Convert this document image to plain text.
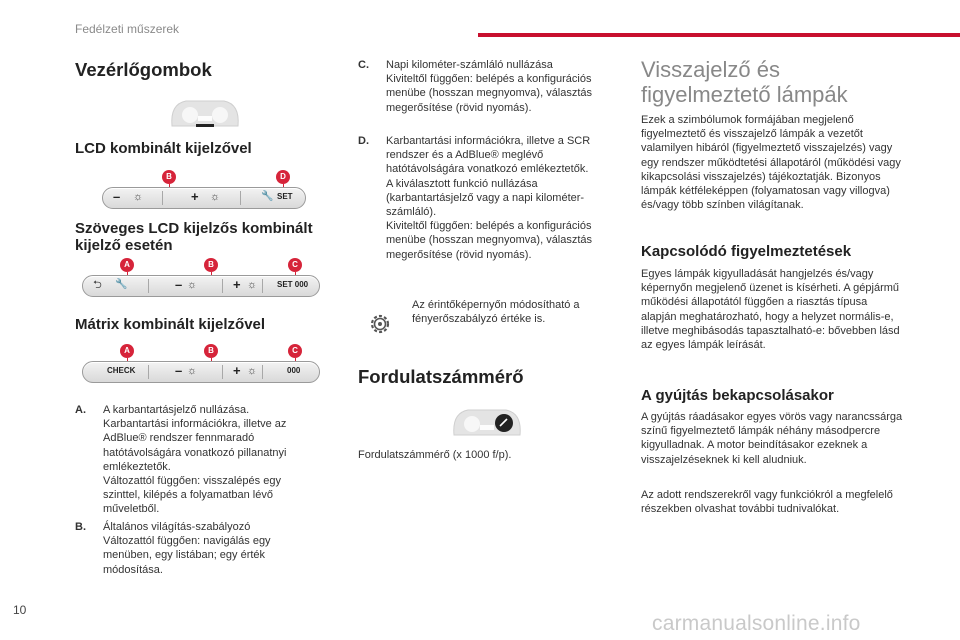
Fedélzeti műszerek
Vezérlőgombok
LCD kombinált kijelzővel
B	D
– ☼	+ ☼	🔧 SET
Szöveges LCD kijelzős kombinált kijelző esetén
A	B	C
⮌ 🔧	– ☼	+ ☼ SET 000
Mátrix kombinált kijelzővel
A	B	C
CHECK	– ☼	+ ☼	000
A. A karbantartásjelző nullázása.

Karbantartási információkra, illetve az AdBlue® rendszer fennmaradó hatótávolságára vonatkozó pillanatnyi emlékeztetők.

Változattól függően: visszalépés egy szinttel, kilépés a folyamatban lévő műveletből.

B. Általános világítás-szabályozó

Változattól függően: navigálás egy menüben, egy listában; egy érték módosítása.

C. Napi kilométer-számláló nullázása

Kiviteltől függően: belépés a konfigurációs menübe (hosszan megnyomva), választás megerősítése (rövid nyomás).

D. Karbantartási információkra, illetve a SCR rendszer és a AdBlue® meglévő hatótávolságára vonatkozó emlékeztetők.

A kiválasztott funkció nullázása (karbantartásjelző vagy a napi kilométer-számláló).

Kiviteltől függően: belépés a konfigurációs menübe (hosszan megnyomva), választás megerősítése (rövid nyomás).

Az érintőképernyőn módosítható a fényerőszabályzó értéke is.
Fordulatszámmérő
Fordulatszámmérő (x 1000 f/p).
Visszajelző és figyelmeztető lámpák
Ezek a szimbólumok formájában megjelenő figyelmeztető és visszajelző lámpák a vezetőt valamilyen hibáról (figyelmeztető visszajelzés) vagy egy rendszer működtetési állapotáról (működési vagy kikapcsolási visszajelzés) tájékoztatják. Bizonyos lámpák kétféleképpen (folyamatosan vagy villogva) és/vagy több színben világítanak.
Kapcsolódó figyelmeztetések
Egyes lámpák kigyulladását hangjelzés és/vagy képernyőn megjelenő üzenet is kísérheti. A gépjármű működési állapotától függően a riasztás típusa alapján meghatározható, hogy a helyzet normális-e, illetve meghibásodás tapasztalható-e: bővebben lásd az egyes lámpák leírását.
A gyújtás bekapcsolásakor
A gyújtás ráadásakor egyes vörös vagy narancssárga színű figyelmeztető lámpák néhány másodpercre kigyulladnak. A motor beindításakor ezeknek a visszajelzéseknek ki kell aludniuk.
Az adott rendszerekről vagy funkciókról a megfelelő részekben olvashat további tudnivalókat.
10
carmanualsonline.info
